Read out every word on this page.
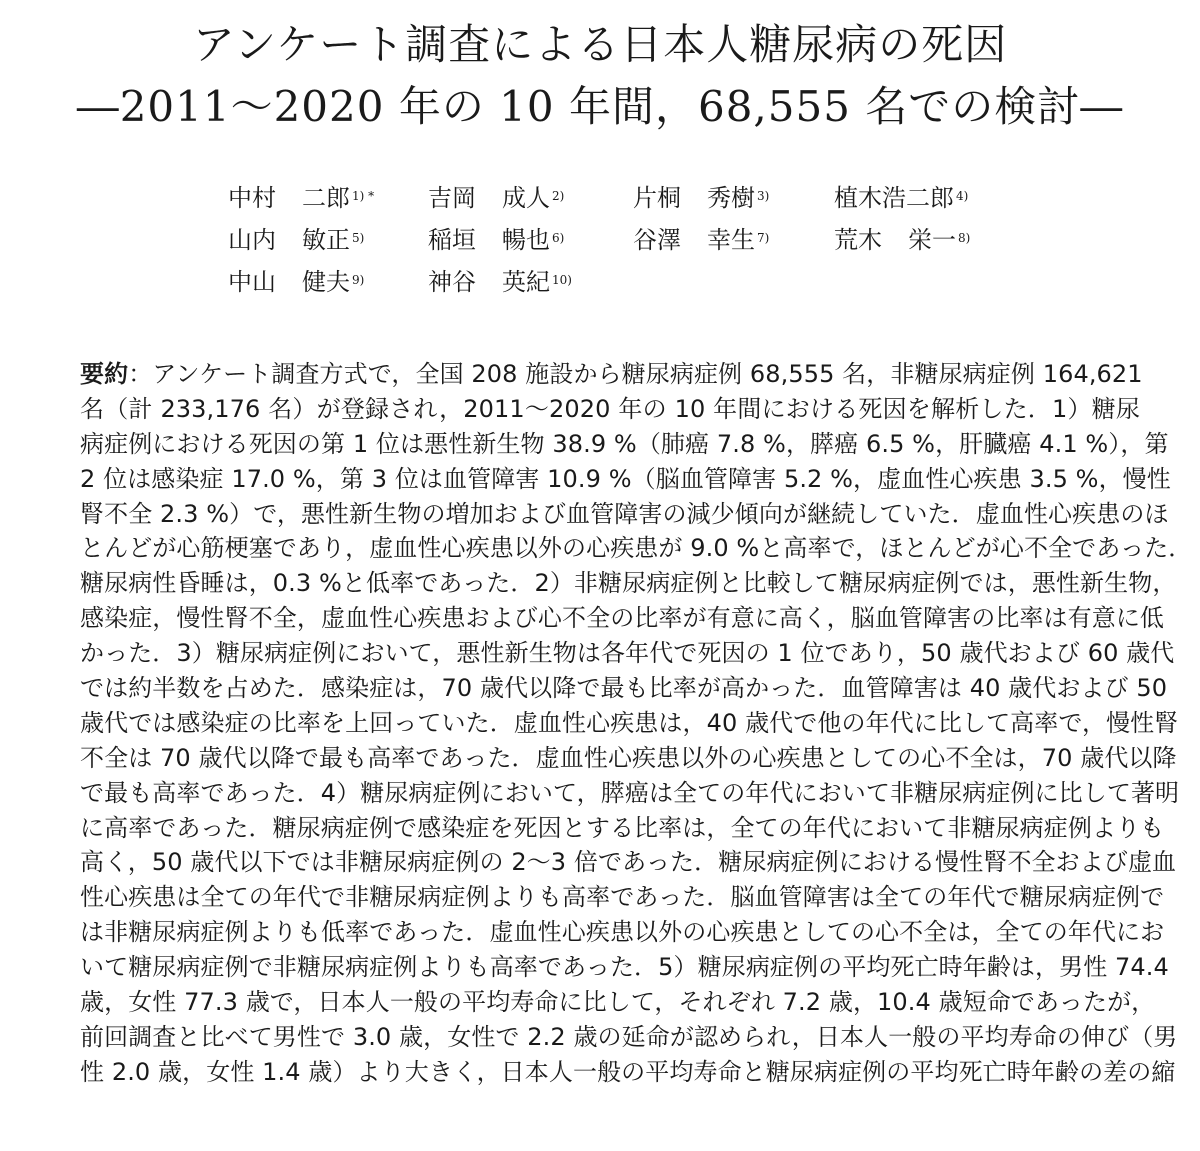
アンケート調査による日本人糖尿病の死因
―2011～2020 年の 10 年間，68,555 名での検討―
中村 二郎 $^{1) *}$ 吉岡 成人 $^{2)}$	片桐 秀樹 $^{3)}$	植木浩二郎 $^{4)}$
山内 敏正 $^{5)}$	稲垣 暢也 $^{6)}$	谷澤 幸生 $^{7)}$	荒木 栄一 $^{8)}$
中山 健夫 $^{9)}$	神谷 英紀 $^{10)}$
要約：アンケート調査方式で，全国 208 施設から糖尿病症例 68,555 名，非糖尿病症例 164,621
名（計 233,176 名）が登録され，2011～2020 年の 10 年間における死因を解析した．1）糖尿
病症例における死因の第 1 位は悪性新生物 38.9 %（肺癌 7.8 %，膵癌 6.5 %，肝臓癌 4.1 %），第
2 位は感染症 17.0 %，第 3 位は血管障害 10.9 %（脳血管障害 5.2 %，虚血性心疾患 3.5 %，慢性
腎不全 2.3 %）で，悪性新生物の増加および血管障害の減少傾向が継続していた．虚血性心疾患のほ
とんどが心筋梗塞であり，虚血性心疾患以外の心疾患が 9.0 %と高率で，ほとんどが心不全であった．
糖尿病性昏睡は，0.3 %と低率であった．2）非糖尿病症例と比較して糖尿病症例では，悪性新生物，
感染症，慢性腎不全，虚血性心疾患および心不全の比率が有意に高く，脳血管障害の比率は有意に低
かった．3）糖尿病症例において，悪性新生物は各年代で死因の 1 位であり，50 歳代および 60 歳代
では約半数を占めた．感染症は，70 歳代以降で最も比率が高かった．血管障害は 40 歳代および 50
歳代では感染症の比率を上回っていた．虚血性心疾患は，40 歳代で他の年代に比して高率で，慢性腎
不全は 70 歳代以降で最も高率であった．虚血性心疾患以外の心疾患としての心不全は，70 歳代以降
で最も高率であった．4）糖尿病症例において，膵癌は全ての年代において非糖尿病症例に比して著明
に高率であった．糖尿病症例で感染症を死因とする比率は，全ての年代において非糖尿病症例よりも
高く，50 歳代以下では非糖尿病症例の 2～3 倍であった．糖尿病症例における慢性腎不全および虚血
性心疾患は全ての年代で非糖尿病症例よりも高率であった．脳血管障害は全ての年代で糖尿病症例で
は非糖尿病症例よりも低率であった．虚血性心疾患以外の心疾患としての心不全は，全ての年代にお
いて糖尿病症例で非糖尿病症例よりも高率であった．5）糖尿病症例の平均死亡時年齢は，男性 74.4
歳，女性 77.3 歳で，日本人一般の平均寿命に比して，それぞれ 7.2 歳，10.4 歳短命であったが，
前回調査と比べて男性で 3.0 歳，女性で 2.2 歳の延命が認められ，日本人一般の平均寿命の伸び（男
性 2.0 歳，女性 1.4 歳）より大きく，日本人一般の平均寿命と糖尿病症例の平均死亡時年齢の差の縮
